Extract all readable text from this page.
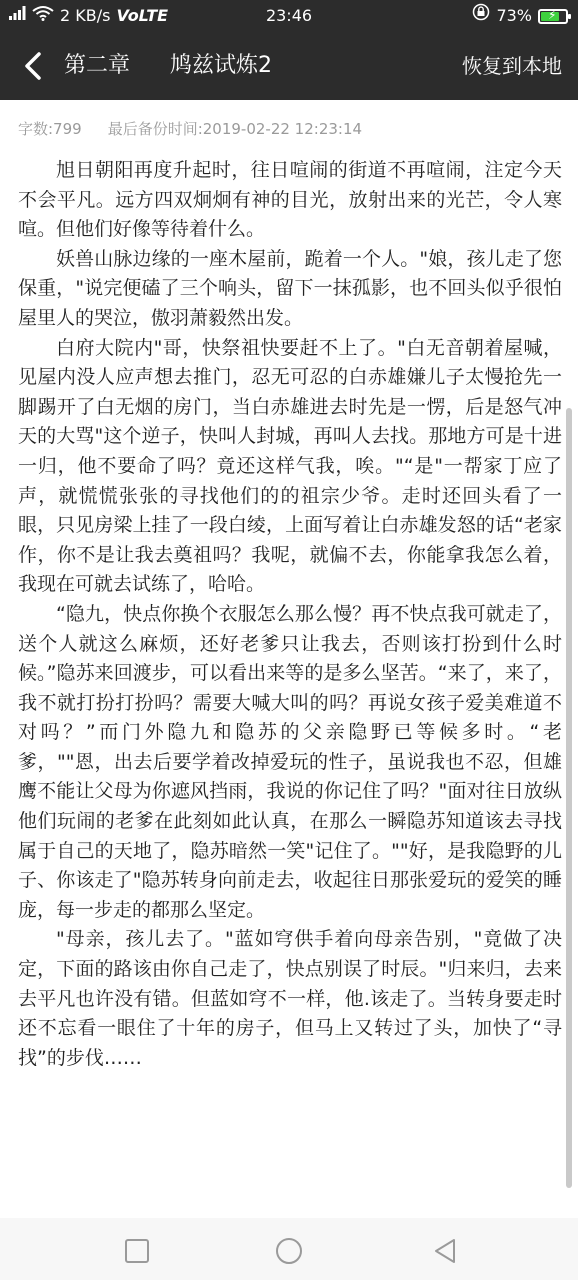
2 KB/s VoLTE	23:46	73% ⚡
第二章 鸠兹试炼2	恢复到本地
字数:799 最后备份时间:2019-02-22 12:23:14

旭日朝阳再度升起时，往日喧闹的街道不再喧闹，注定今天不会平凡。远方四双炯炯有神的目光，放射出来的光芒，令人寒喧。但他们好像等待着什么。

妖兽山脉边缘的一座木屋前，跪着一个人。"娘，孩儿走了您保重，"说完便磕了三个响头，留下一抹孤影，也不回头似乎很怕屋里人的哭泣，傲羽萧毅然出发。

白府大院内"哥，快祭祖快要赶不上了。"白无音朝着屋喊，见屋内没人应声想去推门，忍无可忍的白赤雄嫌儿子太慢抢先一脚踢开了白无烟的房门，当白赤雄进去时先是一愣，后是怒气冲天的大骂"这个逆子，快叫人封城，再叫人去找。那地方可是十进一归，他不要命了吗？竟还这样气我，唉。"“是"一帮家丁应了声，就慌慌张张的寻找他们的的祖宗少爷。走时还回头看了一眼，只见房梁上挂了一段白绫，上面写着让白赤雄发怒的话“老家作，你不是让我去奠祖吗？我呢，就偏不去，你能拿我怎么着，我现在可就去试练了，哈哈。

“隐九，快点你换个衣服怎么那么慢？再不快点我可就走了，送个人就这么麻烦，还好老爹只让我去，否则该打扮到什么时候。”隐苏来回渡步，可以看出来等的是多么坚苦。“来了，来了，我不就打扮打扮吗？需要大喊大叫的吗？再说女孩子爱美难道不对吗？”而门外隐九和隐苏的父亲隐野已等候多时。“老爹，""恩，出去后要学着改掉爱玩的性子，虽说我也不忍，但雄鹰不能让父母为你遮风挡雨，我说的你记住了吗？"面对往日放纵他们玩闹的老爹在此刻如此认真，在那么一瞬隐苏知道该去寻找属于自己的天地了，隐苏暗然一笑"记住了。""好，是我隐野的儿子、你该走了"隐苏转身向前走去，收起往日那张爱玩的爱笑的睡庞，每一步走的都那么坚定。

"母亲，孩儿去了。"蓝如穹供手着向母亲告别，"竟做了决定，下面的路该由你自己走了，快点别误了时辰。"归来归，去来去平凡也许没有错。但蓝如穹不一样，他.该走了。当转身要走时还不忘看一眼住了十年的房子，但马上又转过了头，加快了“寻找”的步伐……
